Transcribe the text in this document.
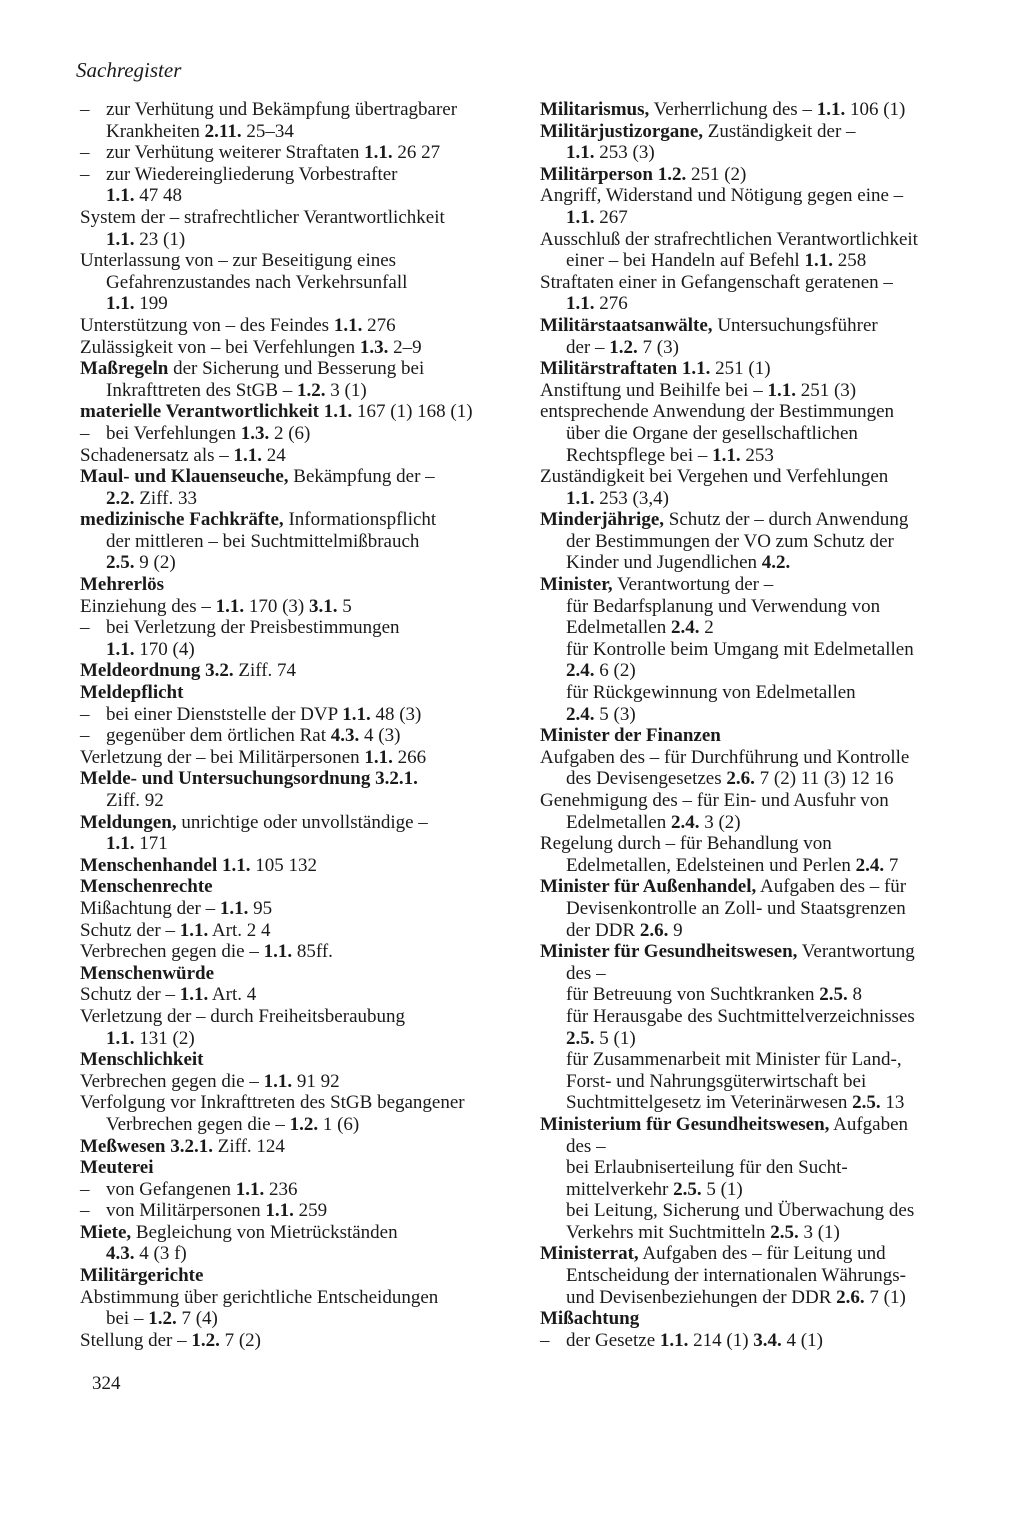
Sachregister
– zur Verhütung und Bekämpfung übertragbarer
Krankheiten 2.11. 25–34
– zur Verhütung weiterer Straftaten 1.1. 26 27
– zur Wiedereingliederung Vorbestrafter
1.1. 47 48
System der – strafrechtlicher Verantwortlichkeit
1.1. 23 (1)
Unterlassung von – zur Beseitigung eines
Gefahrenzustandes nach Verkehrsunfall
1.1. 199
Unterstützung von – des Feindes 1.1. 276
Zulässigkeit von – bei Verfehlungen 1.3. 2–9
Maßregeln der Sicherung und Besserung bei
Inkrafttreten des StGB – 1.2. 3 (1)
materielle Verantwortlichkeit 1.1. 167 (1) 168 (1)
– bei Verfehlungen 1.3. 2 (6)
Schadenersatz als – 1.1. 24
Maul- und Klauenseuche, Bekämpfung der –
2.2. Ziff. 33
medizinische Fachkräfte, Informationspflicht
der mittleren – bei Suchtmittelmißbrauch
2.5. 9 (2)
Mehrerlös
Einziehung des – 1.1. 170 (3) 3.1. 5
– bei Verletzung der Preisbestimmungen
1.1. 170 (4)
Meldeordnung 3.2. Ziff. 74
Meldepflicht
– bei einer Dienststelle der DVP 1.1. 48 (3)
– gegenüber dem örtlichen Rat 4.3. 4 (3)
Verletzung der – bei Militärpersonen 1.1. 266
Melde- und Untersuchungsordnung 3.2.1.
Ziff. 92
Meldungen, unrichtige oder unvollständige –
1.1. 171
Menschenhandel 1.1. 105 132
Menschenrechte
Mißachtung der – 1.1. 95
Schutz der – 1.1. Art. 2 4
Verbrechen gegen die – 1.1. 85ff.
Menschenwürde
Schutz der – 1.1. Art. 4
Verletzung der – durch Freiheitsberaubung
1.1. 131 (2)
Menschlichkeit
Verbrechen gegen die – 1.1. 91 92
Verfolgung vor Inkrafttreten des StGB begangener
Verbrechen gegen die – 1.2. 1 (6)
Meßwesen 3.2.1. Ziff. 124
Meuterei
– von Gefangenen 1.1. 236
– von Militärpersonen 1.1. 259
Miete, Begleichung von Mietrückständen
4.3. 4 (3 f)
Militärgerichte
Abstimmung über gerichtliche Entscheidungen
bei – 1.2. 7 (4)
Stellung der – 1.2. 7 (2)
Militarismus, Verherrlichung des – 1.1. 106 (1)
Militärjustizorgane, Zuständigkeit der –
1.1. 253 (3)
Militärperson 1.2. 251 (2)
Angriff, Widerstand und Nötigung gegen eine –
1.1. 267
Ausschluß der strafrechtlichen Verantwortlichkeit
einer – bei Handeln auf Befehl 1.1. 258
Straftaten einer in Gefangenschaft geratenen –
1.1. 276
Militärstaatsanwälte, Untersuchungsführer
der – 1.2. 7 (3)
Militärstraftaten 1.1. 251 (1)
Anstiftung und Beihilfe bei – 1.1. 251 (3)
entsprechende Anwendung der Bestimmungen
über die Organe der gesellschaftlichen
Rechtspflege bei – 1.1. 253
Zuständigkeit bei Vergehen und Verfehlungen
1.1. 253 (3,4)
Minderjährige, Schutz der – durch Anwendung
der Bestimmungen der VO zum Schutz der
Kinder und Jugendlichen 4.2.
Minister, Verantwortung der –
für Bedarfsplanung und Verwendung von
Edelmetallen 2.4. 2
für Kontrolle beim Umgang mit Edelmetallen
2.4. 6 (2)
für Rückgewinnung von Edelmetallen
2.4. 5 (3)
Minister der Finanzen
Aufgaben des – für Durchführung und Kontrolle
des Devisengesetzes 2.6. 7 (2) 11 (3) 12 16
Genehmigung des – für Ein- und Ausfuhr von
Edelmetallen 2.4. 3 (2)
Regelung durch – für Behandlung von
Edelmetallen, Edelsteinen und Perlen 2.4. 7
Minister für Außenhandel, Aufgaben des – für
Devisenkontrolle an Zoll- und Staatsgrenzen
der DDR 2.6. 9
Minister für Gesundheitswesen, Verantwortung
des –
für Betreuung von Suchtkranken 2.5. 8
für Herausgabe des Suchtmittelverzeichnisses
2.5. 5 (1)
für Zusammenarbeit mit Minister für Land-,
Forst- und Nahrungsgüterwirtschaft bei
Suchtmittelgesetz im Veterinärwesen 2.5. 13
Ministerium für Gesundheitswesen, Aufgaben
des –
bei Erlaubniserteilung für den Sucht-
mittelverkehr 2.5. 5 (1)
bei Leitung, Sicherung und Überwachung des
Verkehrs mit Suchtmitteln 2.5. 3 (1)
Ministerrat, Aufgaben des – für Leitung und
Entscheidung der internationalen Währungs-
und Devisenbeziehungen der DDR 2.6. 7 (1)
Mißachtung
– der Gesetze 1.1. 214 (1) 3.4. 4 (1)
324
